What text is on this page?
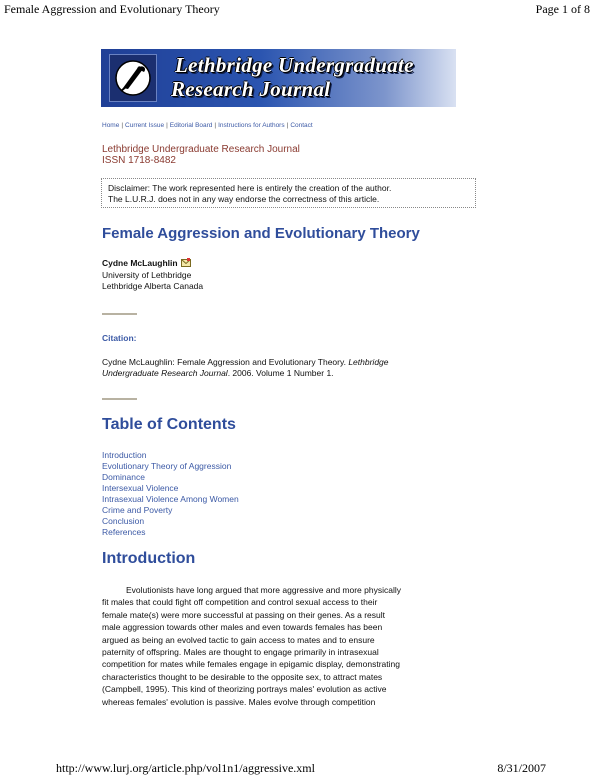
Female Aggression and Evolutionary Theory	Page 1 of 8
Lethbridge Undergraduate
Research Journal
Home | Current Issue | Editorial Board | Instructions for Authors | Contact
Lethbridge Undergraduate Research Journal
ISSN 1718-8482
Disclaimer: The work represented here is entirely the creation of the author.
The L.U.R.J. does not in any way endorse the correctness of this article.
Female Aggression and Evolutionary Theory
Cydne McLaughlin
University of Lethbridge
Lethbridge Alberta Canada
Citation:
Cydne McLaughlin: Female Aggression and Evolutionary Theory. Lethbridge
Undergraduate Research Journal. 2006. Volume 1 Number 1.
Table of Contents
Introduction
Evolutionary Theory of Aggression
Dominance
Intersexual Violence
Intrasexual Violence Among Women
Crime and Poverty
Conclusion
References
Introduction
Evolutionists have long argued that more aggressive and more physically
fit males that could fight off competition and control sexual access to their
female mate(s) were more successful at passing on their genes. As a result
male aggression towards other males and even towards females has been
argued as being an evolved tactic to gain access to mates and to ensure
paternity of offspring. Males are thought to engage primarily in intrasexual
competition for mates while females engage in epigamic display, demonstrating
characteristics thought to be desirable to the opposite sex, to attract mates
(Campbell, 1995). This kind of theorizing portrays males' evolution as active
whereas females' evolution is passive. Males evolve through competition
http://www.lurj.org/article.php/vol1n1/aggressive.xml	8/31/2007
